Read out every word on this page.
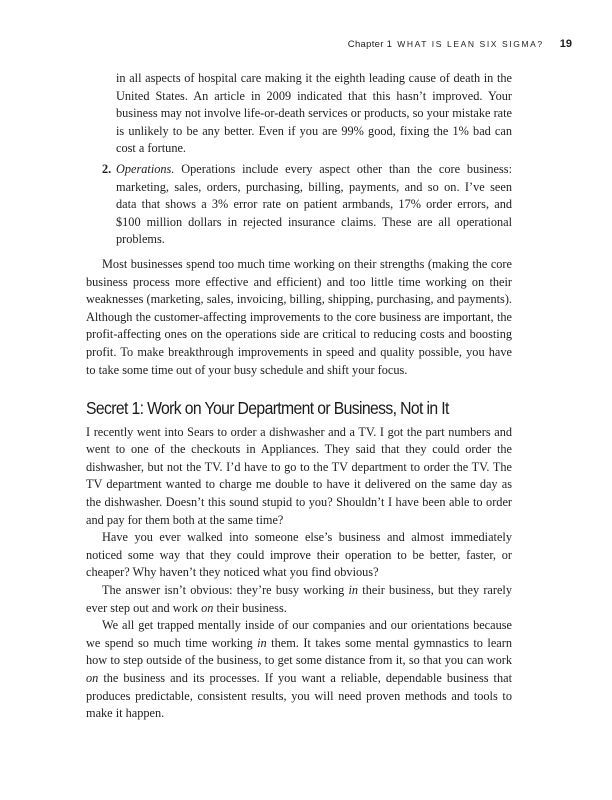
Chapter 1 WHAT IS LEAN SIX SIGMA? 19

in all aspects of hospital care making it the eighth leading cause of death in the United States. An article in 2009 indicated that this hasn’t improved. Your business may not involve life-or-death services or products, so your mistake rate is unlikely to be any better. Even if you are 99% good, fixing the 1% bad can cost a fortune.

2. Operations. Operations include every aspect other than the core business: marketing, sales, orders, purchasing, billing, payments, and so on. I’ve seen data that shows a 3% error rate on patient armbands, 17% order errors, and $100 million dollars in rejected insurance claims. These are all operational problems.

Most businesses spend too much time working on their strengths (making the core business process more effective and efficient) and too little time working on their weaknesses (marketing, sales, invoicing, billing, shipping, purchasing, and payments). Although the customer-affecting improvements to the core business are important, the profit-affecting ones on the operations side are critical to reducing costs and boosting profit. To make breakthrough improvements in speed and quality possible, you have to take some time out of your busy schedule and shift your focus.

Secret 1: Work on Your Department or Business, Not in It

I recently went into Sears to order a dishwasher and a TV. I got the part numbers and went to one of the checkouts in Appliances. They said that they could order the dishwasher, but not the TV. I’d have to go to the TV department to order the TV. The TV department wanted to charge me double to have it delivered on the same day as the dishwasher. Doesn’t this sound stupid to you? Shouldn’t I have been able to order and pay for them both at the same time?

Have you ever walked into someone else’s business and almost immediately noticed some way that they could improve their operation to be better, faster, or cheaper? Why haven’t they noticed what you find obvious?

The answer isn’t obvious: they’re busy working in their business, but they rarely ever step out and work on their business.

We all get trapped mentally inside of our companies and our orientations because we spend so much time working in them. It takes some mental gymnastics to learn how to step outside of the business, to get some distance from it, so that you can work on the business and its processes. If you want a reliable, dependable business that produces predictable, consistent results, you will need proven methods and tools to make it happen.
